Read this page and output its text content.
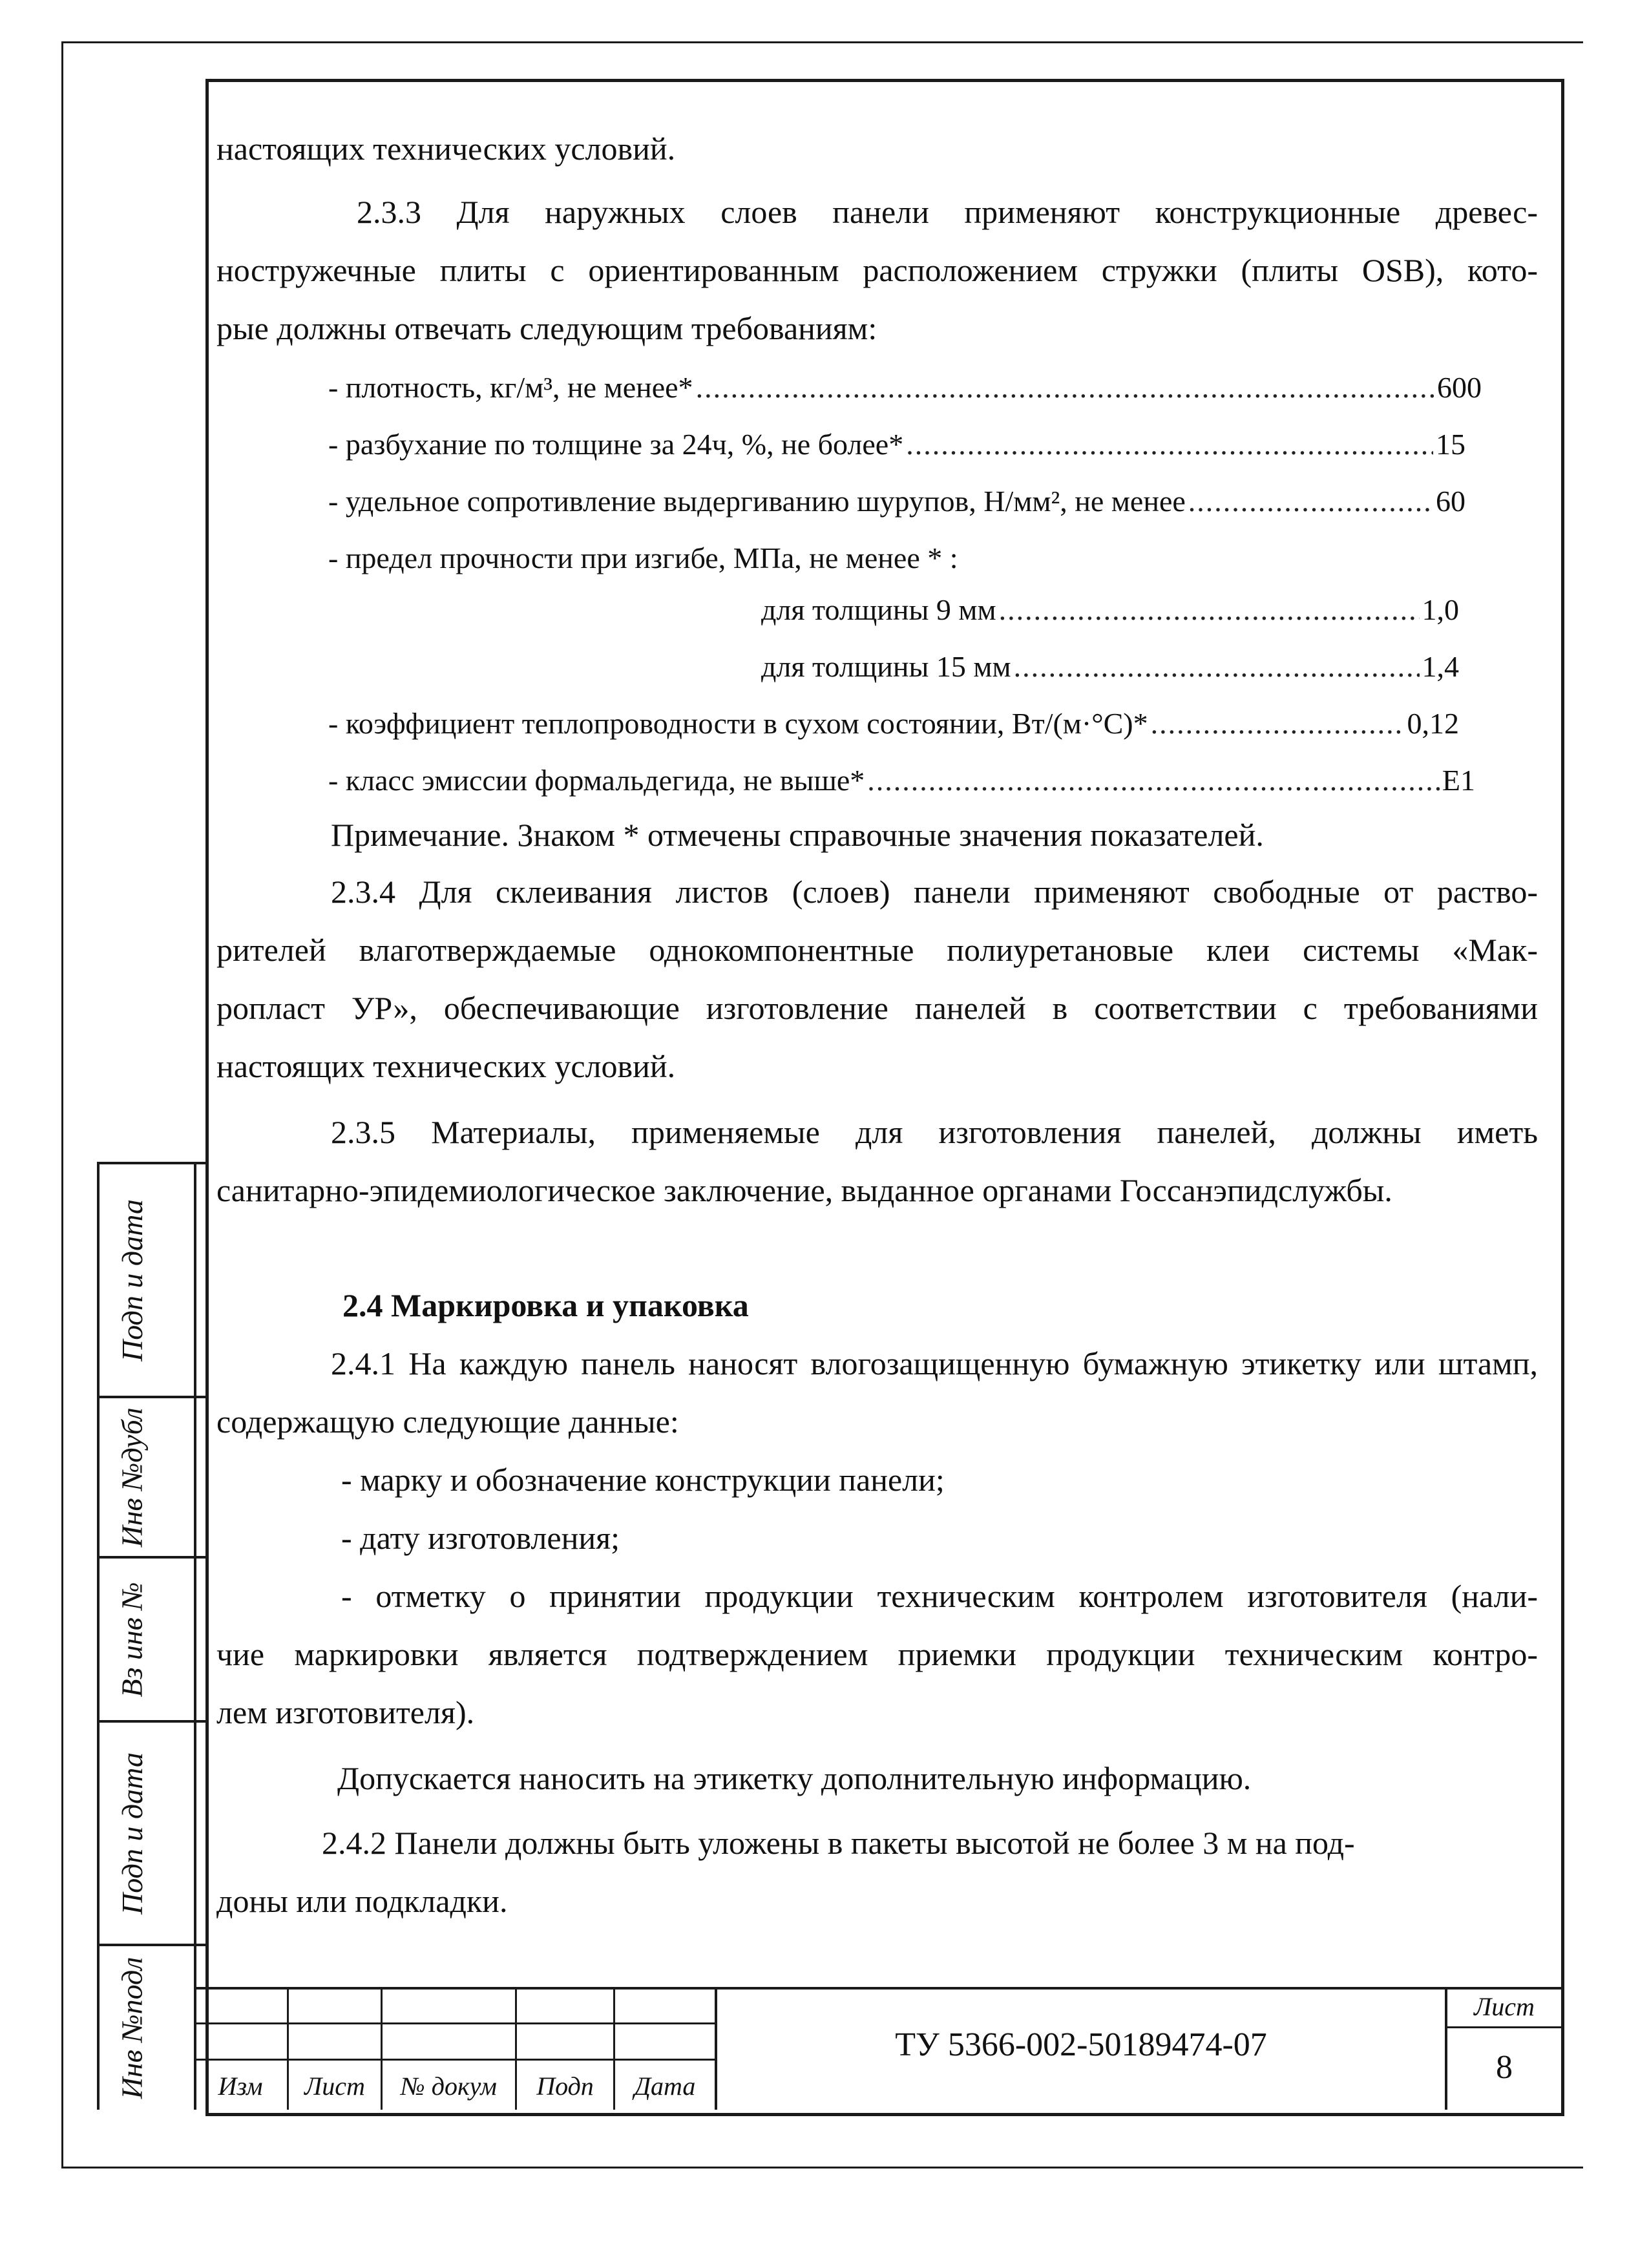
настоящих технических условий.
2.3.3 Для наружных слоев панели применяют конструкционные древес-
ностружечные плиты с ориентированным расположением стружки (плиты OSB), кото-
рые должны отвечать следующим требованиям:
- плотность, кг/м³, не менее* .....	600
- разбухание по толщине за 24ч, %, не более* .....	15
- удельное сопротивление выдергиванию шурупов, Н/мм², не менее .....	60
- предел прочности при изгибе, МПа, не менее * :
для толщины 9 мм .....	1,0
для толщины 15 мм .....	1,4
- коэффициент теплопроводности в сухом состоянии, Вт/(м·°С)* .....	0,12
- класс эмиссии формальдегида, не выше* .....	E1
Примечание. Знаком * отмечены справочные значения показателей.
2.3.4 Для склеивания листов (слоев) панели применяют свободные от раство-
рителей влаготверждаемые однокомпонентные полиуретановые клеи системы «Мак-
ропласт УР», обеспечивающие изготовление панелей в соответствии с требованиями
настоящих технических условий.
2.3.5 Материалы, применяемые для изготовления панелей, должны иметь
санитарно-эпидемиологическое заключение, выданное органами Госсанэпидслужбы.
2.4 Маркировка и упаковка
2.4.1 На каждую панель наносят влогозащищенную бумажную этикетку или штамп,
содержащую следующие данные:
- марку и обозначение конструкции панели;
- дату изготовления;
- отметку о принятии продукции техническим контролем изготовителя (нали-
чие маркировки является подтверждением приемки продукции техническим контро-
лем изготовителя).
Допускается наносить на этикетку дополнительную информацию.
2.4.2 Панели должны быть уложены в пакеты высотой не более 3 м на под-
доны или подкладки.
Подп и дата
Инв №дубл
Вз инв №
Подп и дата
Инв №подл	Изм	Лист	№ докум	Подп	Дата
ТУ 5366-002-50189474-07
Лист
8
